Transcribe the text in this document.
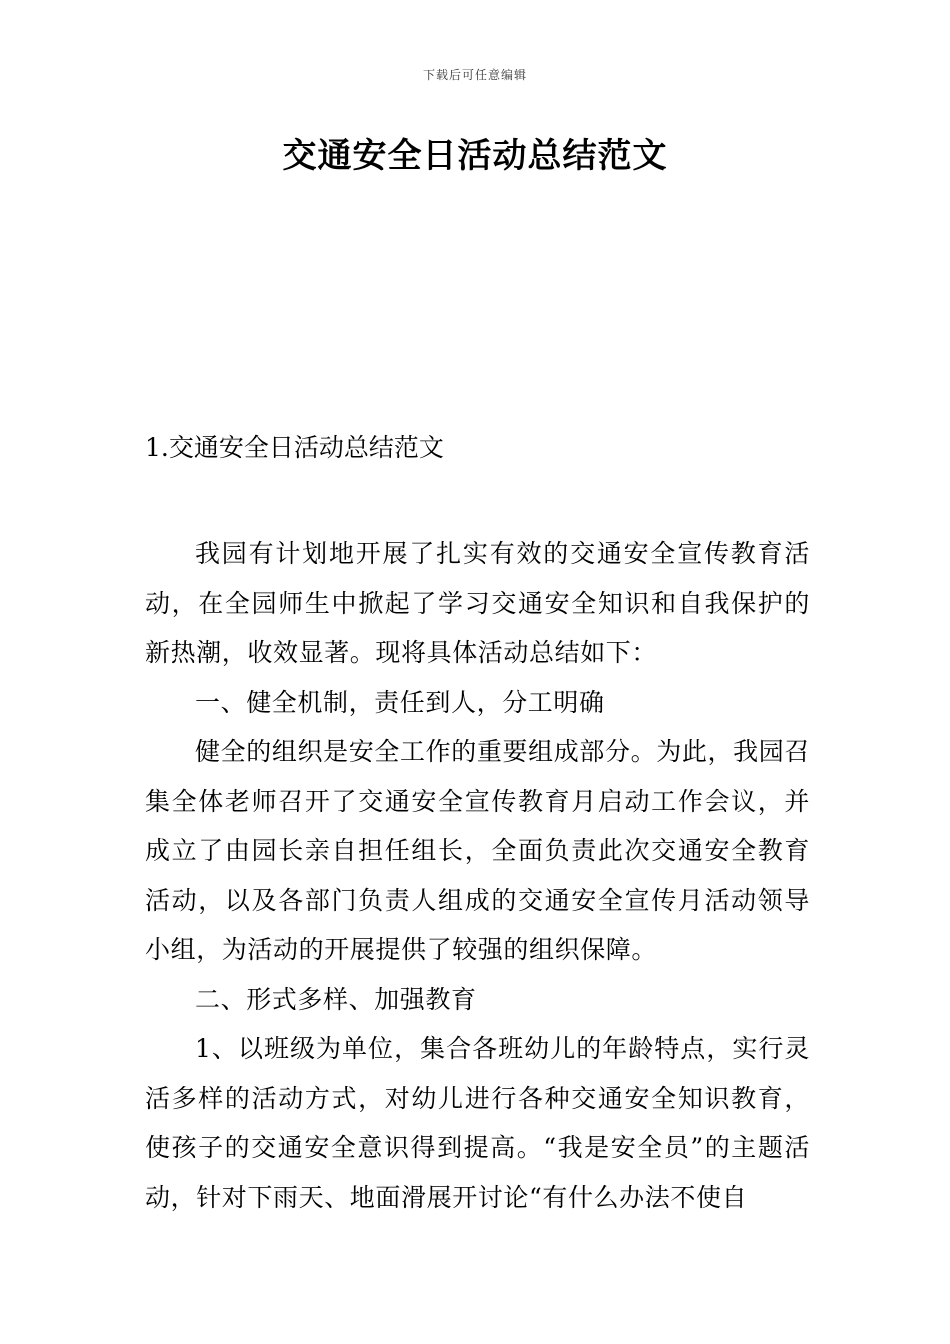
下载后可任意编辑
交通安全日活动总结范文
1.交通安全日活动总结范文

我园有计划地开展了扎实有效的交通安全宣传教育活动，在全园师生中掀起了学习交通安全知识和自我保护的新热潮，收效显著。现将具体活动总结如下：

一、健全机制，责任到人，分工明确

健全的组织是安全工作的重要组成部分。为此，我园召集全体老师召开了交通安全宣传教育月启动工作会议，并成立了由园长亲自担任组长，全面负责此次交通安全教育活动，以及各部门负责人组成的交通安全宣传月活动领导小组，为活动的开展提供了较强的组织保障。

二、形式多样、加强教育

1、以班级为单位，集合各班幼儿的年龄特点，实行灵活多样的活动方式，对幼儿进行各种交通安全知识教育，使孩子的交通安全意识得到提高。“我是安全员”的主题活动，针对下雨天、地面滑展开讨论“有什么办法不使自
